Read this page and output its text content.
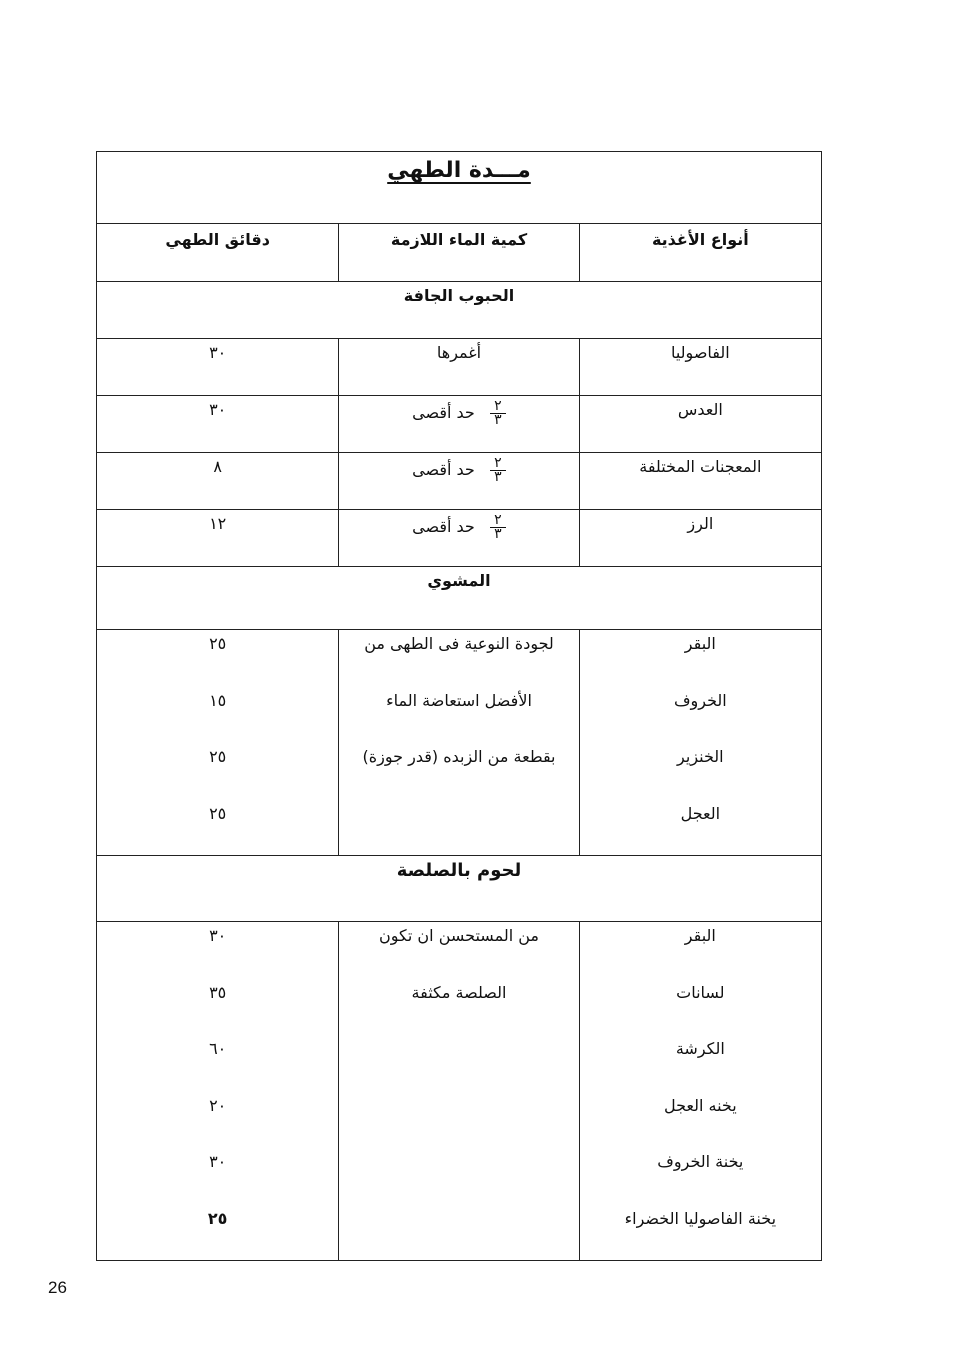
مـــدة الطهي
أنواع الأغذية
كمية الماء اللازمة
دقائق الطهي
الحبوب الجافة
الفاصوليا
أغمرها
٣٠
العدس
$\frac{٢}{٣}$
حد أقصى
٣٠
المعجنات المختلفة
$\frac{٢}{٣}$
حد أقصى
٨
الرز
$\frac{٢}{٣}$
حد أقصى
١٢
المشوي
البقر
الخروف
الخنزير
العجل
لجودة النوعية فى الطهى من
الأفضل استعاضة الماء
بقطعة من الزبده (قدر جوزة)
٢٥
١٥
٢٥
٢٥
لحوم بالصلصة
البقر
لسانات
الكرشة
يخنه العجل
يخنة الخروف
يخنة الفاصوليا الخضراء
من المستحسن ان تكون
الصلصة مكثفة
٣٠
٣٥
٦٠
٢٠
٣٠
٢٥
26
